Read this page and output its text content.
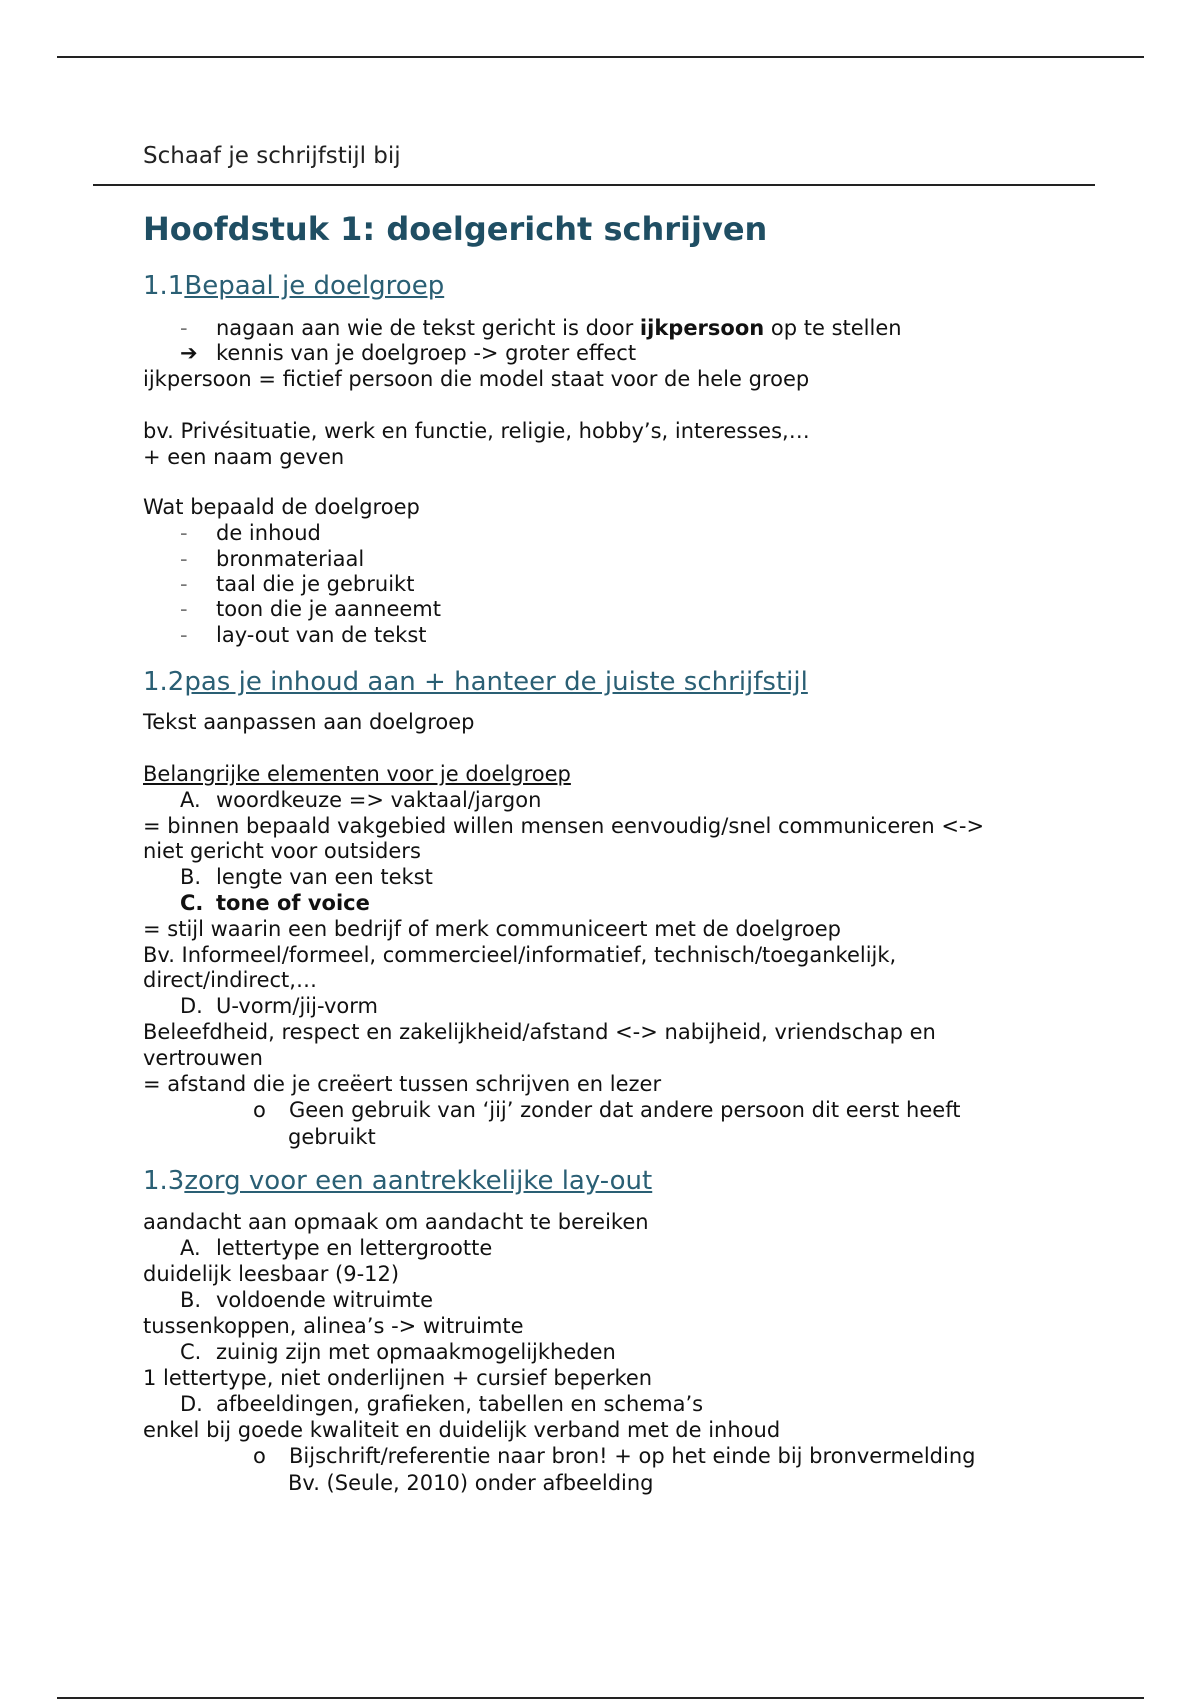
Schaaf je schrijfstijl bij
Hoofdstuk 1: doelgericht schrijven
1.1Bepaal je doelgroep
- nagaan aan wie de tekst gericht is door ijkpersoon op te stellen
➔ kennis van je doelgroep -> groter effect
ijkpersoon = fictief persoon die model staat voor de hele groep
bv. Privésituatie, werk en functie, religie, hobby’s, interesses,…
+ een naam geven
Wat bepaald de doelgroep
- de inhoud
- bronmateriaal
- taal die je gebruikt
- toon die je aanneemt
- lay-out van de tekst
1.2pas je inhoud aan + hanteer de juiste schrijfstijl
Tekst aanpassen aan doelgroep
Belangrijke elementen voor je doelgroep
A. woordkeuze => vaktaal/jargon
= binnen bepaald vakgebied willen mensen eenvoudig/snel communiceren <->
niet gericht voor outsiders
B. lengte van een tekst
C. tone of voice
= stijl waarin een bedrijf of merk communiceert met de doelgroep
Bv. Informeel/formeel, commercieel/informatief, technisch/toegankelijk,
direct/indirect,…
D. U-vorm/jij-vorm
Beleefdheid, respect en zakelijkheid/afstand <-> nabijheid, vriendschap en
vertrouwen
= afstand die je creëert tussen schrijven en lezer
o Geen gebruik van ‘jij’ zonder dat andere persoon dit eerst heeft
gebruikt
1.3zorg voor een aantrekkelijke lay-out
aandacht aan opmaak om aandacht te bereiken
A. lettertype en lettergrootte
duidelijk leesbaar (9-12)
B. voldoende witruimte
tussenkoppen, alinea’s -> witruimte
C. zuinig zijn met opmaakmogelijkheden
1 lettertype, niet onderlijnen + cursief beperken
D. afbeeldingen, grafieken, tabellen en schema’s
enkel bij goede kwaliteit en duidelijk verband met de inhoud
o Bijschrift/referentie naar bron! + op het einde bij bronvermelding
Bv. (Seule, 2010) onder afbeelding
